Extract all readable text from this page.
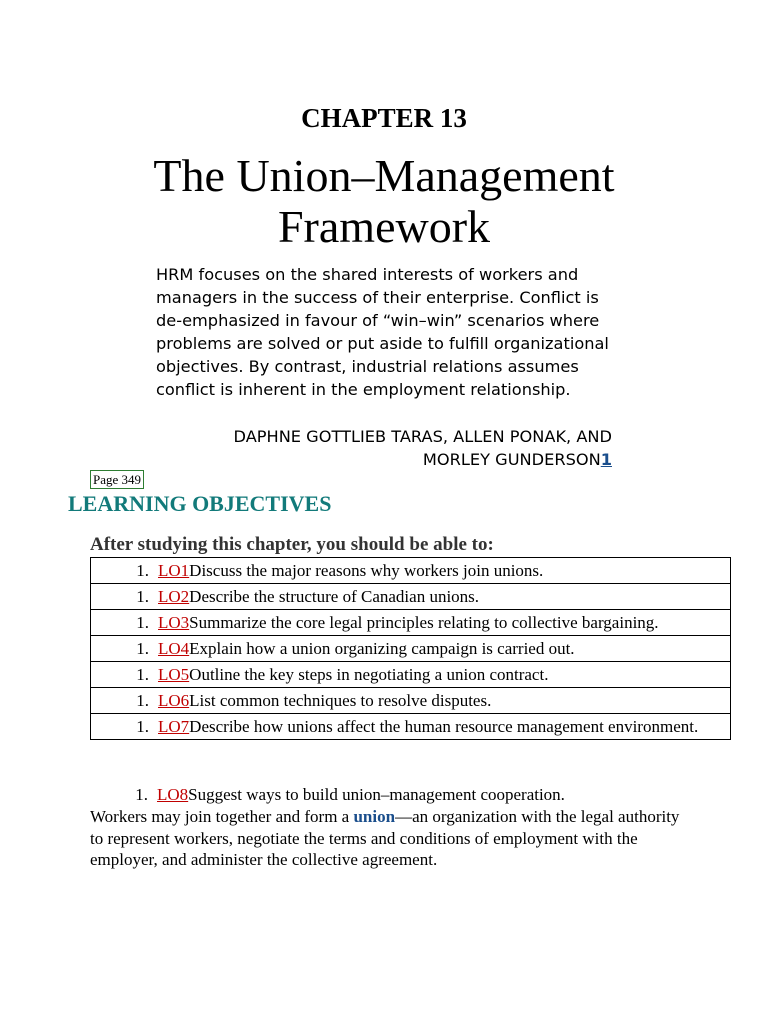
CHAPTER 13
The Union–Management
Framework
HRM focuses on the shared interests of workers and managers in the success of their enterprise. Conflict is de-emphasized in favour of “win–win” scenarios where problems are solved or put aside to fulfill organizational objectives. By contrast, industrial relations assumes conflict is inherent in the employment relationship.
DAPHNE GOTTLIEB TARAS, ALLEN PONAK, AND
MORLEY GUNDERSON1
Page 349
LEARNING OBJECTIVES
After studying this chapter, you should be able to:
1. LO1Discuss the major reasons why workers join unions.

1. LO2Describe the structure of Canadian unions.

1. LO3Summarize the core legal principles relating to collective bargaining.

1. LO4Explain how a union organizing campaign is carried out.

1. LO5Outline the key steps in negotiating a union contract.

1. LO6List common techniques to resolve disputes.

1. LO7Describe how unions affect the human resource management environment.
1. LO8Suggest ways to build union–management cooperation.
Workers may join together and form a union—an organization with the legal authority to represent workers, negotiate the terms and conditions of employment with the employer, and administer the collective agreement.
